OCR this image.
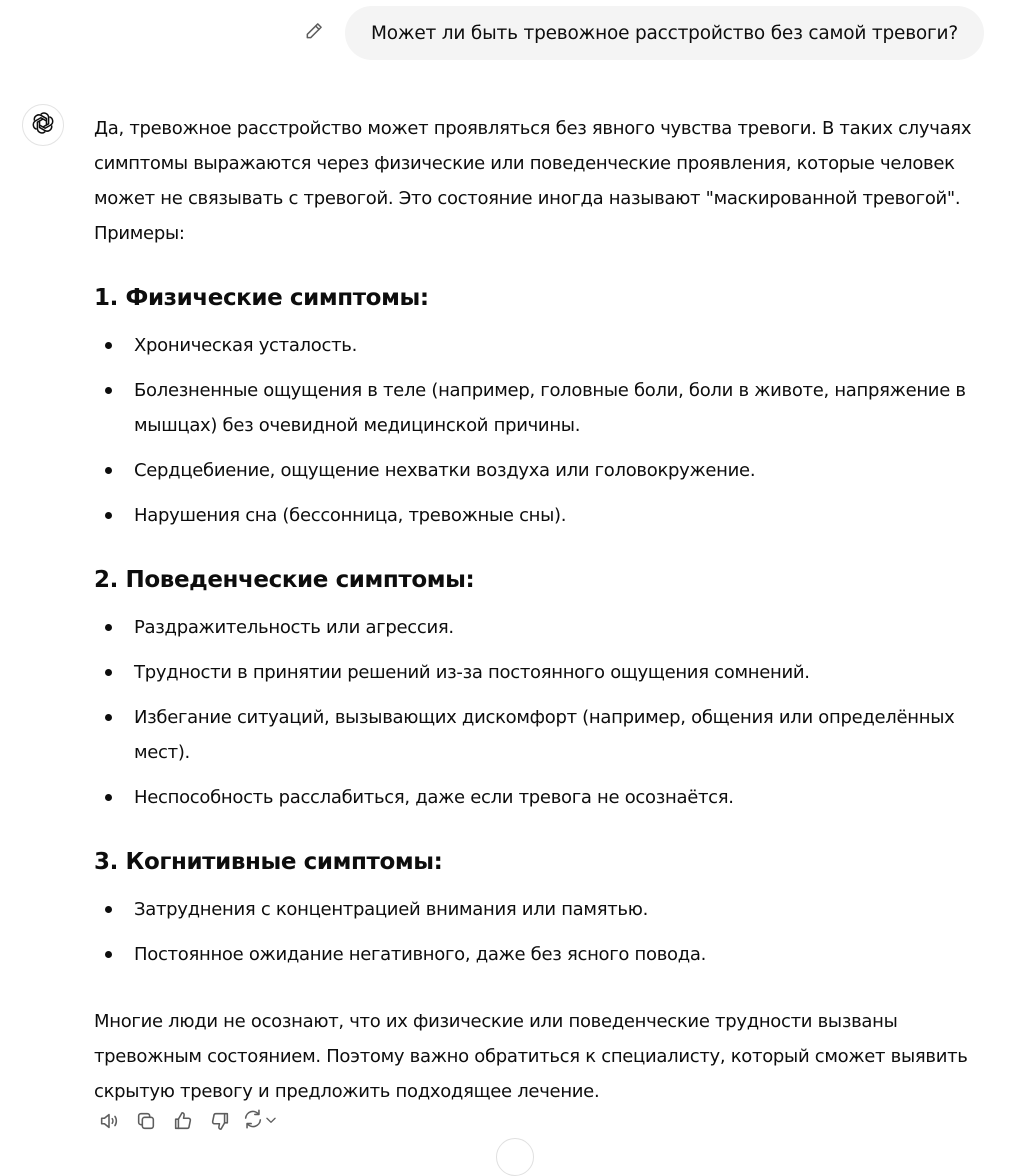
Может ли быть тревожное расстройство без самой тревоги?

Да, тревожное расстройство может проявляться без явного чувства тревоги. В таких случаях симптомы выражаются через физические или поведенческие проявления, которые человек может не связывать с тревогой. Это состояние иногда называют "маскированной тревогой". Примеры:

1. Физические симптомы:
Хроническая усталость.
Болезненные ощущения в теле (например, головные боли, боли в животе, напряжение в мышцах) без очевидной медицинской причины.
Сердцебиение, ощущение нехватки воздуха или головокружение.
Нарушения сна (бессонница, тревожные сны).
2. Поведенческие симптомы:
Раздражительность или агрессия.
Трудности в принятии решений из-за постоянного ощущения сомнений.
Избегание ситуаций, вызывающих дискомфорт (например, общения или определённых мест).
Неспособность расслабиться, даже если тревога не осознаётся.
3. Когнитивные симптомы:
Затруднения с концентрацией внимания или памятью.
Постоянное ожидание негативного, даже без ясного повода.

Многие люди не осознают, что их физические или поведенческие трудности вызваны тревожным состоянием. Поэтому важно обратиться к специалисту, который сможет выявить скрытую тревогу и предложить подходящее лечение.
